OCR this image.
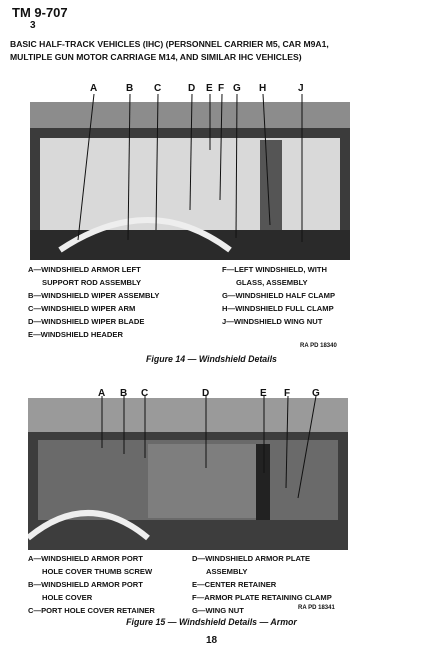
TM 9-707
3
BASIC HALF-TRACK VEHICLES (IHC) (PERSONNEL CARRIER M5, CAR M9A1,
MULTIPLE GUN MOTOR CARRIAGE M14, AND SIMILAR IHC VEHICLES)
A	B C	D E F G H	J
A—WINDSHIELD ARMOR LEFT
SUPPORT ROD ASSEMBLY
B—WINDSHIELD WIPER ASSEMBLY
C—WINDSHIELD WIPER ARM
D—WINDSHIELD WIPER BLADE
E—WINDSHIELD HEADER
F—LEFT WINDSHIELD, WITH
GLASS, ASSEMBLY
G—WINDSHIELD HALF CLAMP
H—WINDSHIELD FULL CLAMP
J—WINDSHIELD WING NUT
RA PD 18340
Figure 14 — Windshield Details
A B C	D	E F G
A—WINDSHIELD ARMOR PORT
HOLE COVER THUMB SCREW
B—WINDSHIELD ARMOR PORT
HOLE COVER
C—PORT HOLE COVER RETAINER
D—WINDSHIELD ARMOR PLATE
ASSEMBLY
E—CENTER RETAINER
F—ARMOR PLATE RETAINING CLAMP
G—WING NUT	RA PD 18341
Figure 15 — Windshield Details — Armor
18
